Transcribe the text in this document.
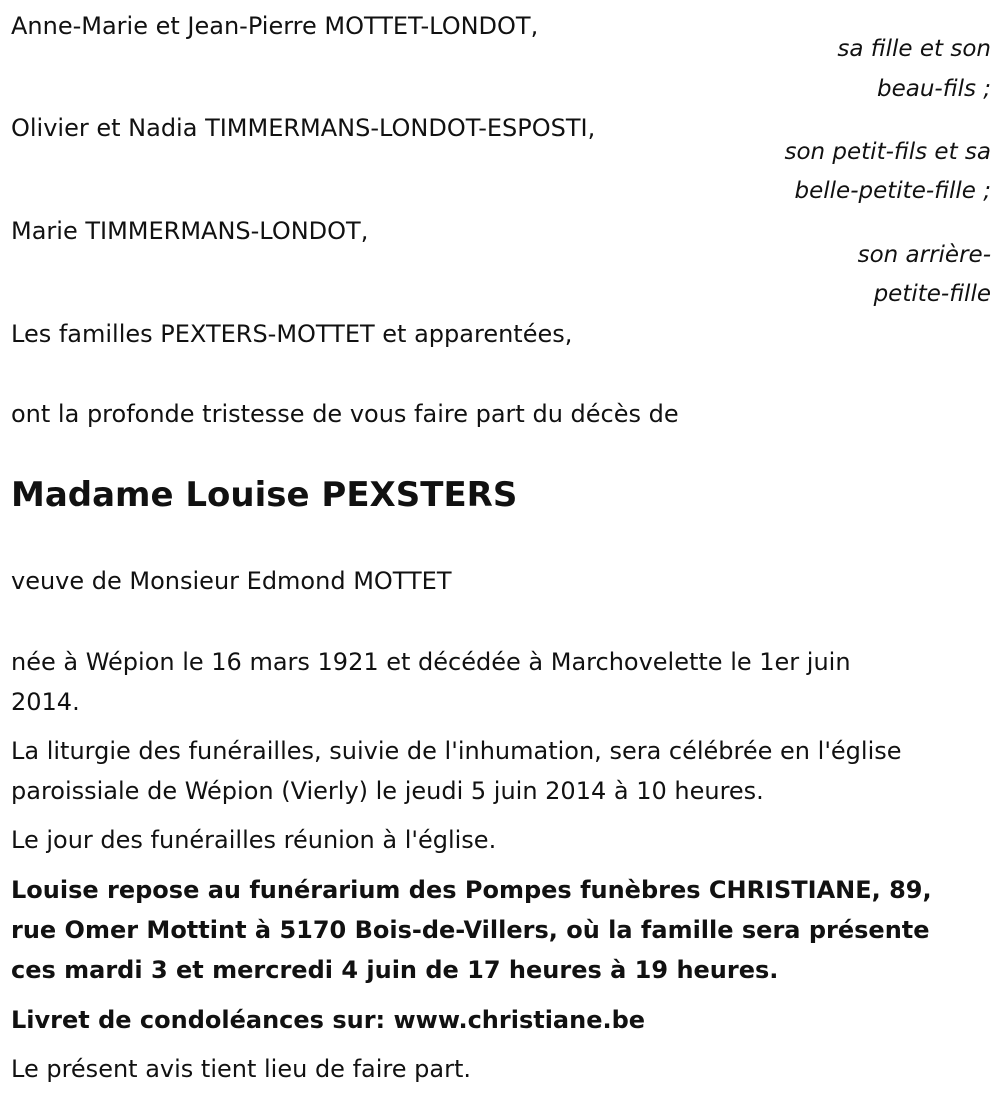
Anne-Marie et Jean-Pierre MOTTET-LONDOT,
sa fille et son
beau-fils ;
Olivier et Nadia TIMMERMANS-LONDOT-ESPOSTI,
son petit-fils et sa
belle-petite-fille ;
Marie TIMMERMANS-LONDOT,
son arrière-
petite-fille
Les familles PEXTERS-MOTTET et apparentées,
ont la profonde tristesse de vous faire part du décès de
Madame Louise PEXSTERS
veuve de Monsieur Edmond MOTTET
née à Wépion le 16 mars 1921 et décédée à Marchovelette le 1er juin
2014.
La liturgie des funérailles, suivie de l'inhumation, sera célébrée en l'église
paroissiale de Wépion (Vierly) le jeudi 5 juin 2014 à 10 heures.
Le jour des funérailles réunion à l'église.
Louise repose au funérarium des Pompes funèbres CHRISTIANE, 89,
rue Omer Mottint à 5170 Bois-de-Villers, où la famille sera présente
ces mardi 3 et mercredi 4 juin de 17 heures à 19 heures.
Livret de condoléances sur: www.christiane.be
Le présent avis tient lieu de faire part.
